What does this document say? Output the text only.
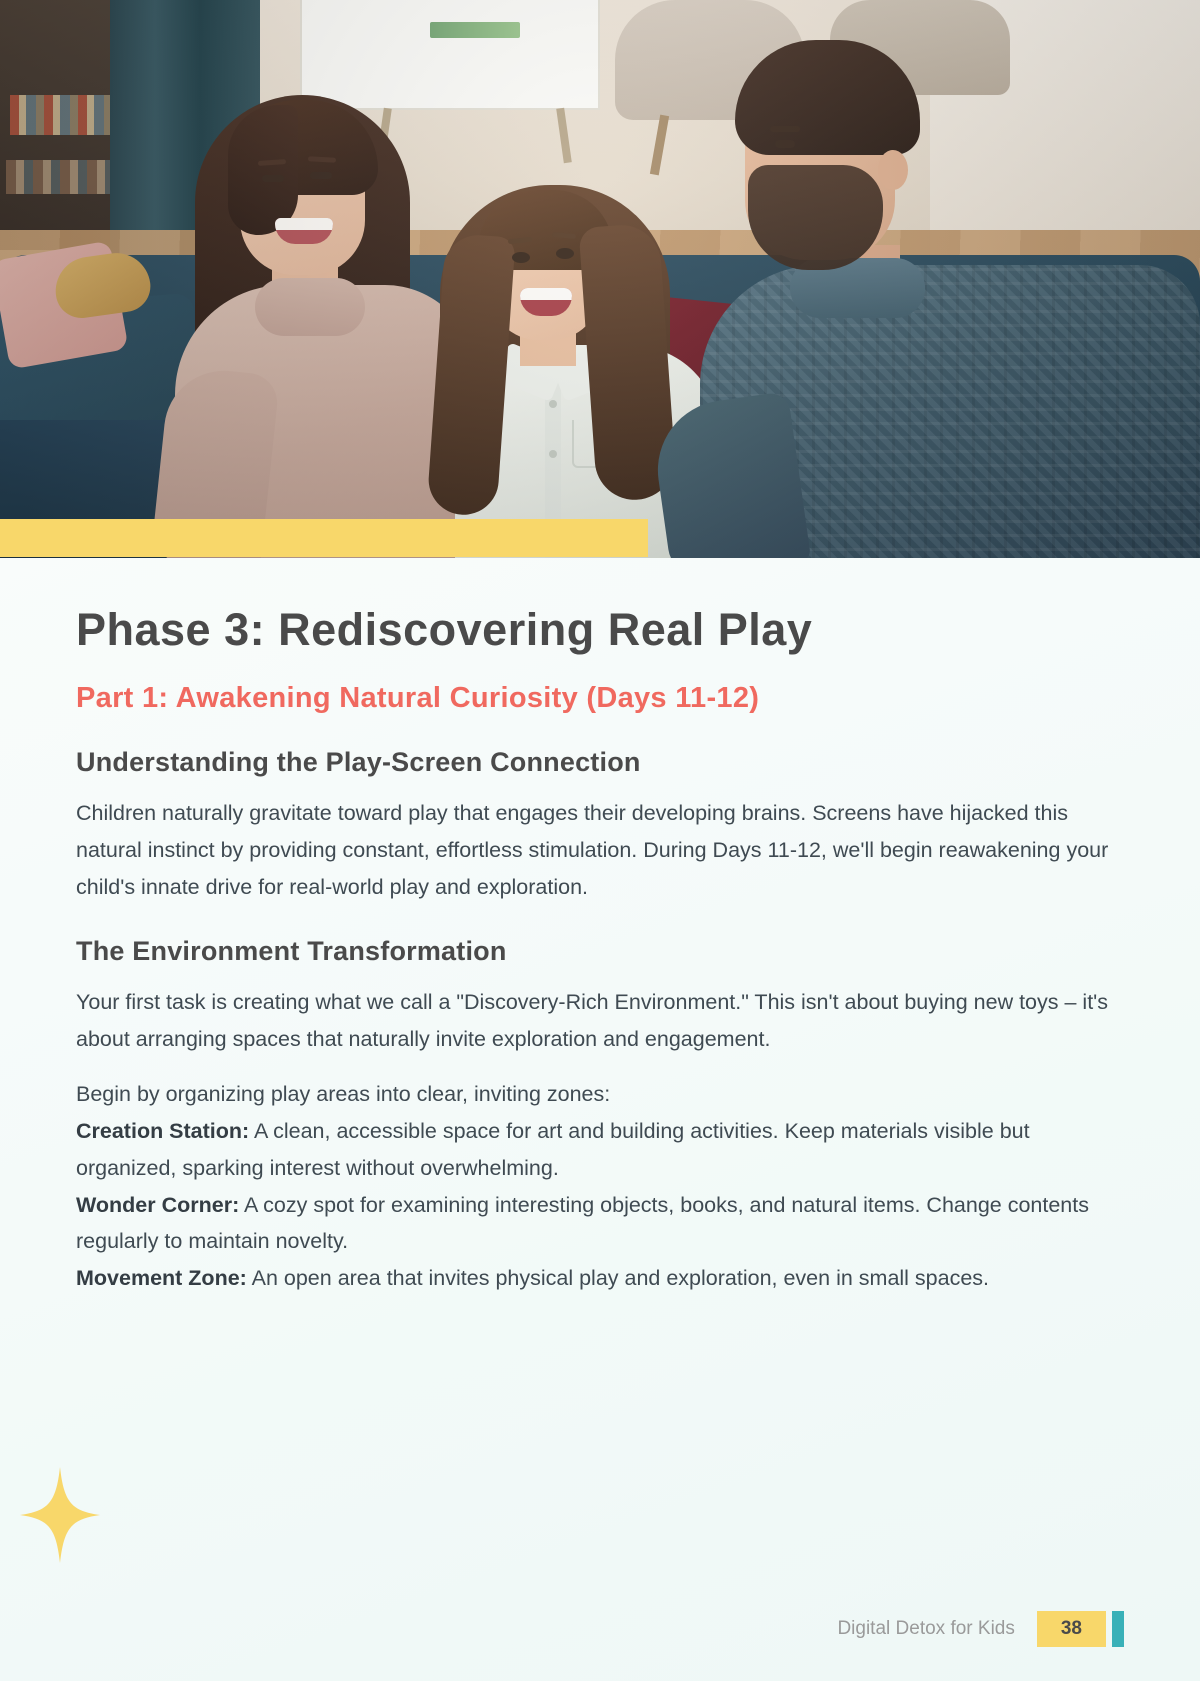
Phase 3: Rediscovering Real Play
Part 1: Awakening Natural Curiosity (Days 11-12)
Understanding the Play-Screen Connection

Children naturally gravitate toward play that engages their developing brains. Screens have hijacked this natural instinct by providing constant, effortless stimulation. During Days 11-12, we'll begin reawakening your child's innate drive for real-world play and exploration.

The Environment Transformation

Your first task is creating what we call a "Discovery-Rich Environment." This isn't about buying new toys – it's about arranging spaces that naturally invite exploration and engagement.

Begin by organizing play areas into clear, inviting zones:

Creation Station: A clean, accessible space for art and building activities. Keep materials visible but organized, sparking interest without overwhelming.

Wonder Corner: A cozy spot for examining interesting objects, books, and natural items. Change contents regularly to maintain novelty.

Movement Zone: An open area that invites physical play and exploration, even in small spaces.

Digital Detox for Kids	38
